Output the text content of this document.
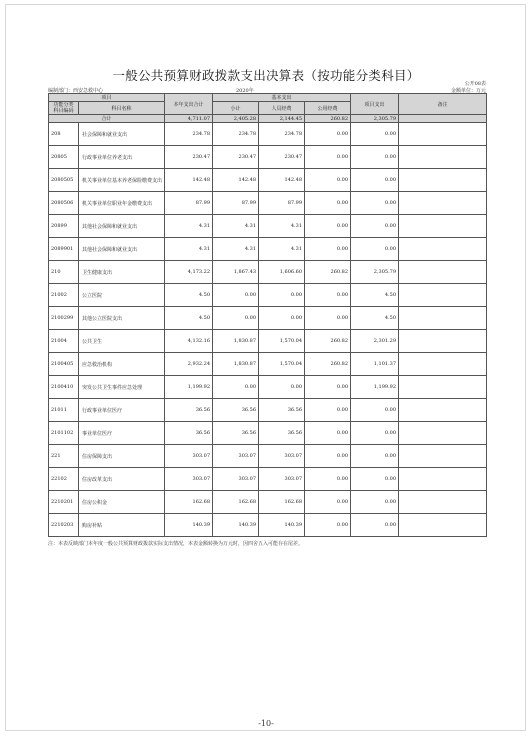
一般公共预算财政拨款支出决算表（按功能分类科目）
公开08表
编制部门：西安急救中心	2020年	金额单位：万元
项目		本年支出合计	基本支出			项目支出	备注
功能分类
科目编码	科目名称		小计	人员经费	公用经费		

合计		4,711.07	2,405.28	2,144.45	260.82	2,305.79	
208	社会保障和就业支出	234.78	234.78	234.78	0.00	0.00	
20805	行政事业单位养老支出	230.47	230.47	230.47	0.00	0.00	
2080505	机关事业单位基本养老保险缴费支出	142.48	142.48	142.48	0.00	0.00	
2080506	机关事业单位职业年金缴费支出	87.99	87.99	87.99	0.00	0.00	
20899	其他社会保障和就业支出	4.31	4.31	4.31	0.00	0.00	
2089901	其他社会保障和就业支出	4.31	4.31	4.31	0.00	0.00	
210	卫生健康支出	4,173.22	1,867.43	1,606.60	260.82	2,305.79	
21002	公立医院	4.50	0.00	0.00	0.00	4.50	
2100299	其他公立医院支出	4.50	0.00	0.00	0.00	4.50	
21004	公共卫生	4,132.16	1,830.87	1,570.04	260.82	2,301.29	
2100405	应急救治机构	2,932.24	1,830.87	1,570.04	260.82	1,101.37	
2100410	突发公共卫生事件应急处理	1,199.92	0.00	0.00	0.00	1,199.92	
21011	行政事业单位医疗	36.56	36.56	36.56	0.00	0.00	
2101102	事业单位医疗	36.56	36.56	36.56	0.00	0.00	
221	住房保障支出	303.07	303.07	303.07	0.00	0.00	
22102	住房改革支出	303.07	303.07	303.07	0.00	0.00	
2210201	住房公积金	162.68	162.68	162.68	0.00	0.00	
2210203	购房补贴	140.39	140.39	140.39	0.00	0.00	
注：本表反映部门本年度一般公共预算财政拨款实际支出情况，本表金额转换为万元时，因四舍五入可能存在尾差。
-10-
